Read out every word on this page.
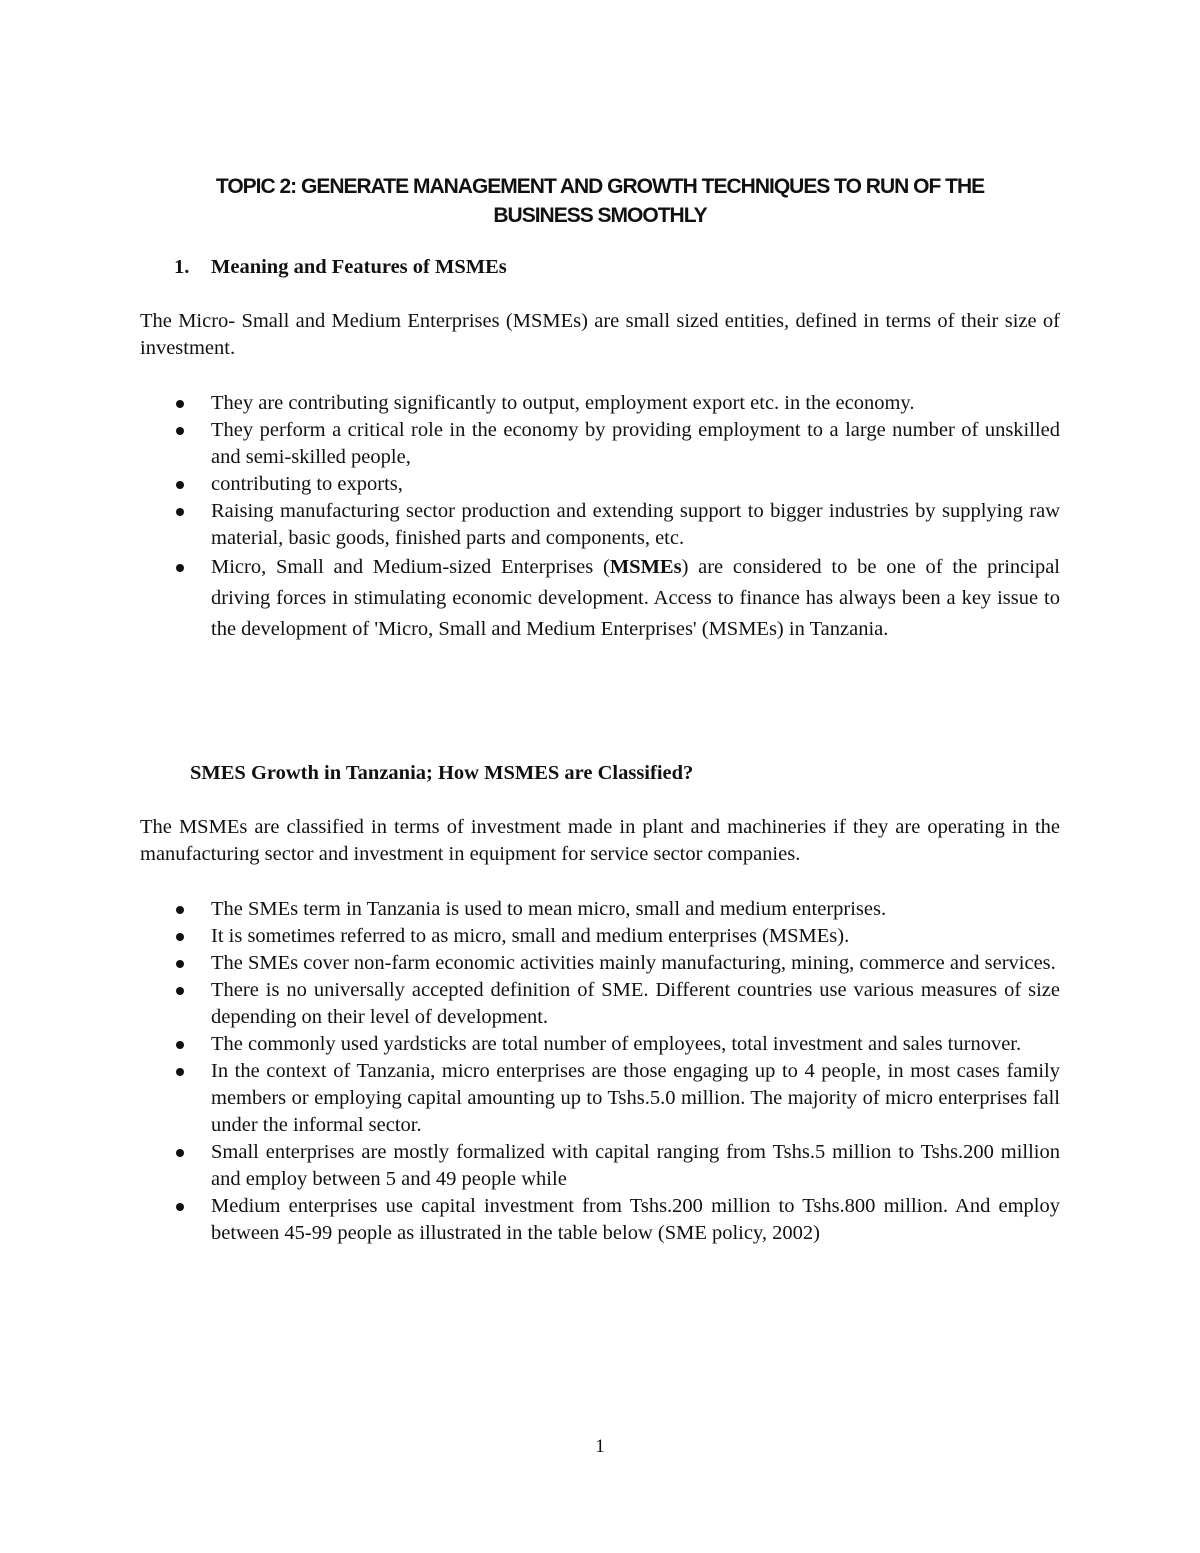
TOPIC 2: GENERATE MANAGEMENT AND GROWTH TECHNIQUES TO RUN OF THE
BUSINESS SMOOTHLY
1. Meaning and Features of MSMEs
The Micro- Small and Medium Enterprises (MSMEs) are small sized entities, defined in terms of their size of investment.
They are contributing significantly to output, employment export etc. in the economy.
They perform a critical role in the economy by providing employment to a large number of unskilled and semi-skilled people,
contributing to exports,
Raising manufacturing sector production and extending support to bigger industries by supplying raw material, basic goods, finished parts and components, etc.
Micro, Small and Medium-sized Enterprises (MSMEs) are considered to be one of the principal driving forces in stimulating economic development. Access to finance has always been a key issue to the development of 'Micro, Small and Medium Enterprises' (MSMEs) in Tanzania.
SMES Growth in Tanzania; How MSMES are Classified?
The MSMEs are classified in terms of investment made in plant and machineries if they are operating in the manufacturing sector and investment in equipment for service sector companies.
The SMEs term in Tanzania is used to mean micro, small and medium enterprises.
It is sometimes referred to as micro, small and medium enterprises (MSMEs).
The SMEs cover non-farm economic activities mainly manufacturing, mining, commerce and services.
There is no universally accepted definition of SME. Different countries use various measures of size depending on their level of development.
The commonly used yardsticks are total number of employees, total investment and sales turnover.
In the context of Tanzania, micro enterprises are those engaging up to 4 people, in most cases family members or employing capital amounting up to Tshs.5.0 million. The majority of micro enterprises fall under the informal sector.
Small enterprises are mostly formalized with capital ranging from Tshs.5 million to Tshs.200 million and employ between 5 and 49 people while
Medium enterprises use capital investment from Tshs.200 million to Tshs.800 million. And employ between 45-99 people as illustrated in the table below (SME policy, 2002)
1
